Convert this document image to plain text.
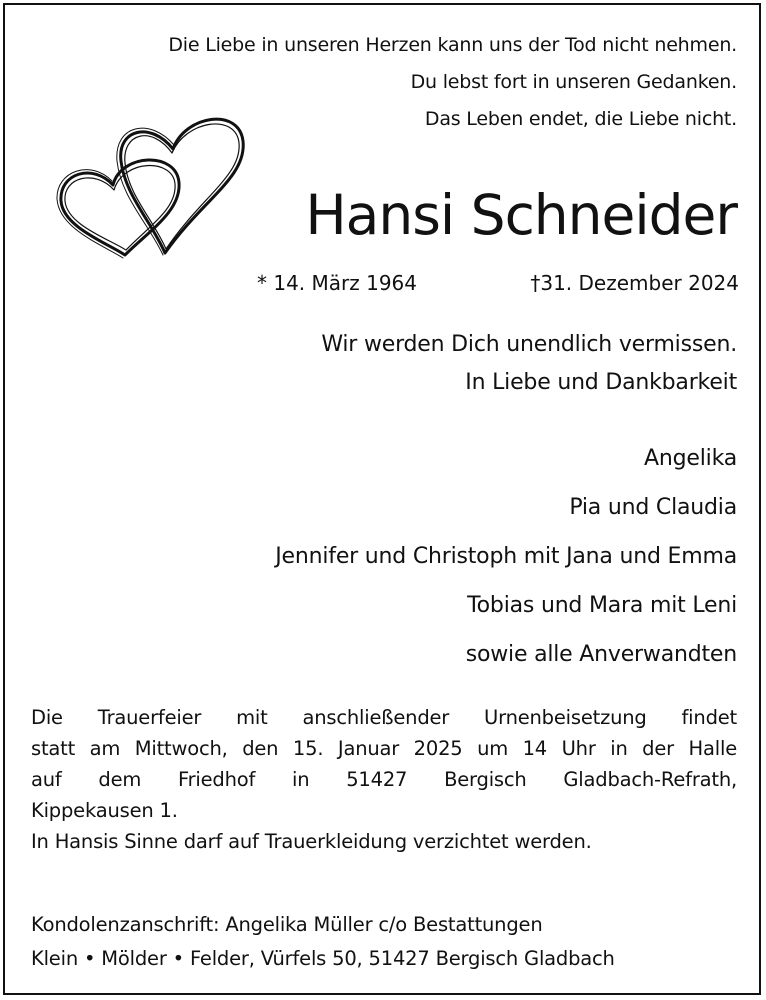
Die Liebe in unseren Herzen kann uns der Tod nicht nehmen.
Du lebst fort in unseren Gedanken.
Das Leben endet, die Liebe nicht.
Hansi Schneider
* 14. März 1964	†31. Dezember 2024
Wir werden Dich unendlich vermissen.
In Liebe und Dankbarkeit
Angelika
Pia und Claudia
Jennifer und Christoph mit Jana und Emma
Tobias und Mara mit Leni
sowie alle Anverwandten
Die Trauerfeier mit anschließender Urnenbeisetzung findet
statt am Mittwoch, den 15. Januar 2025 um 14 Uhr in der Halle
auf dem Friedhof in 51427 Bergisch Gladbach-Refrath,
Kippekausen 1.
In Hansis Sinne darf auf Trauerkleidung verzichtet werden.
Kondolenzanschrift: Angelika Müller c/o Bestattungen
Klein • Mölder • Felder, Vürfels 50, 51427 Bergisch Gladbach
